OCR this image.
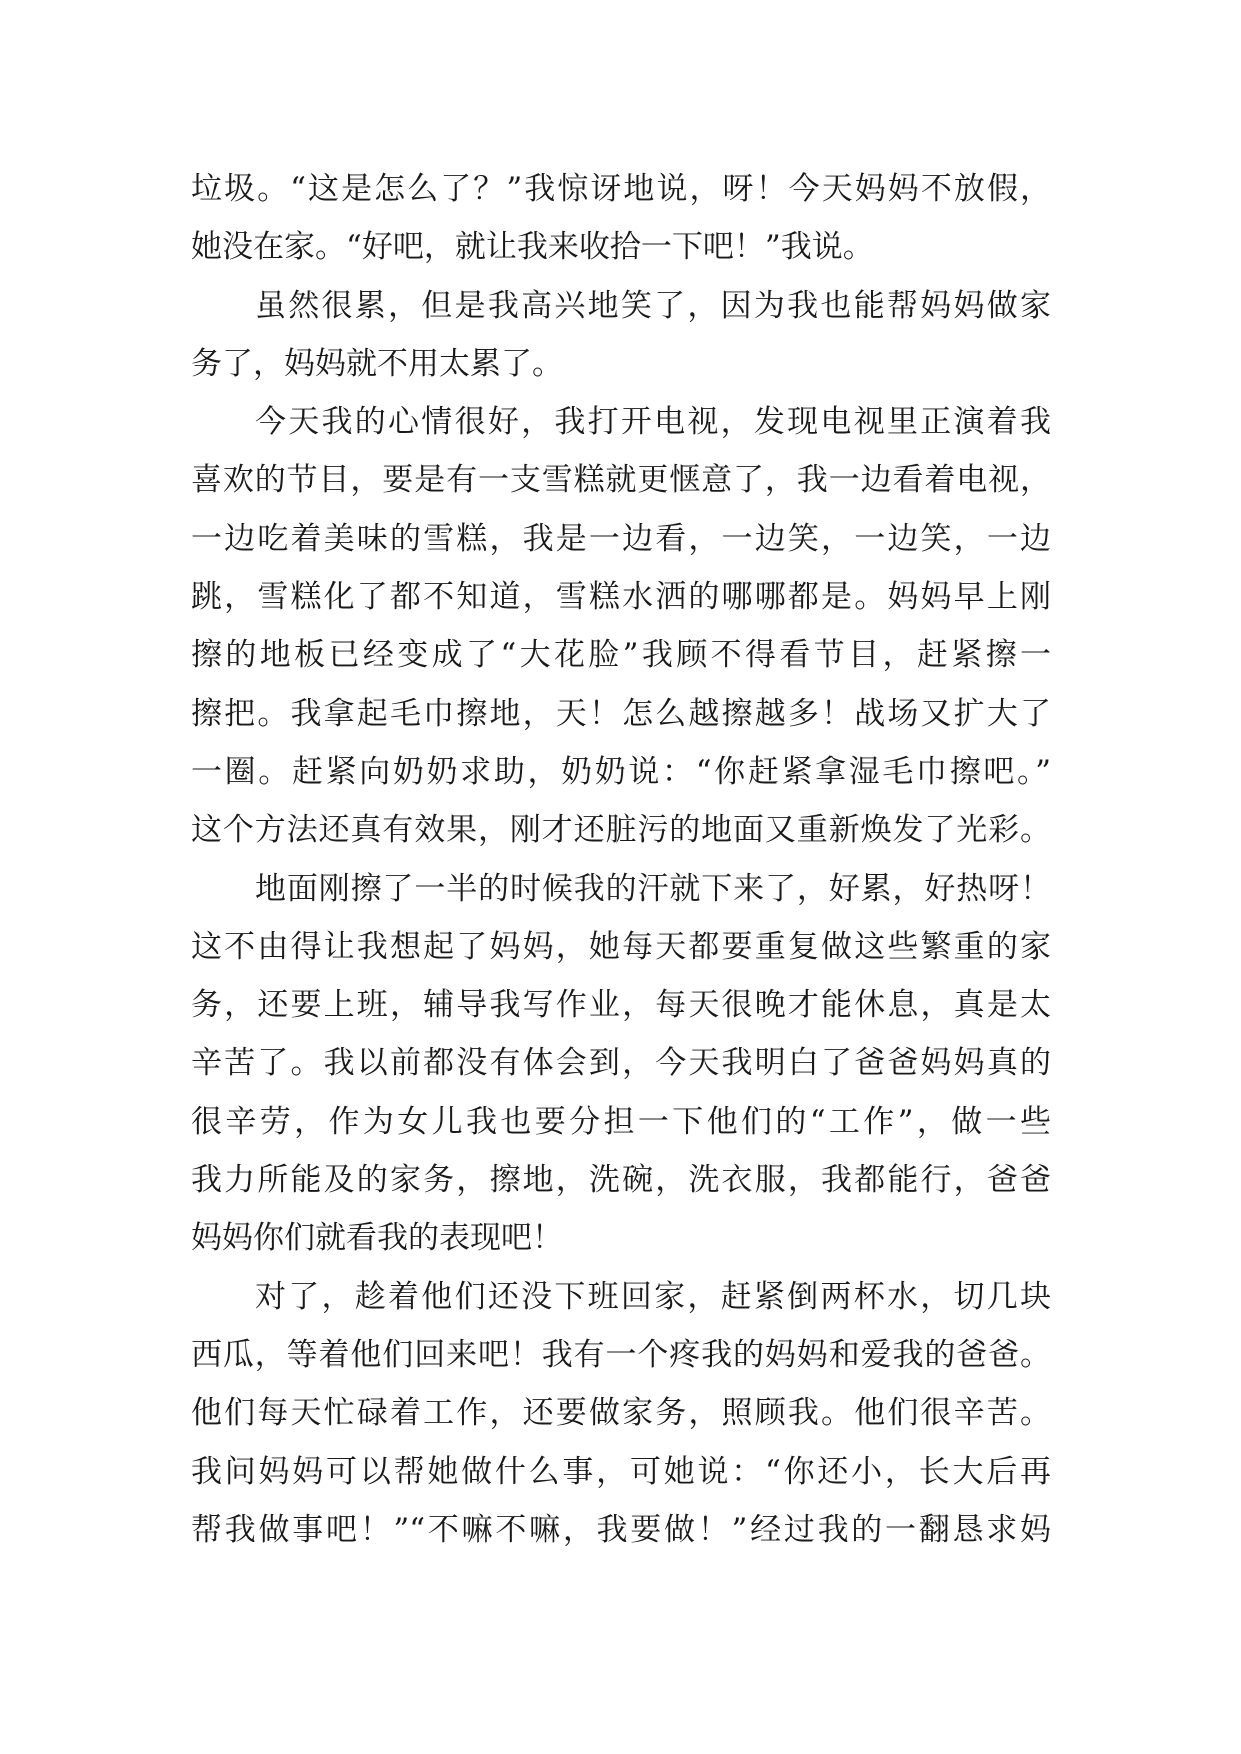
垃圾。“这是怎么了？”我惊讶地说，呀！今天妈妈不放假，
她没在家。“好吧，就让我来收拾一下吧！”我说。
虽然很累，但是我高兴地笑了，因为我也能帮妈妈做家
务了，妈妈就不用太累了。
今天我的心情很好，我打开电视，发现电视里正演着我
喜欢的节目，要是有一支雪糕就更惬意了，我一边看着电视，
一边吃着美味的雪糕，我是一边看，一边笑，一边笑，一边
跳，雪糕化了都不知道，雪糕水洒的哪哪都是。妈妈早上刚
擦的地板已经变成了“大花脸”我顾不得看节目，赶紧擦一
擦把。我拿起毛巾擦地，天！怎么越擦越多！战场又扩大了
一圈。赶紧向奶奶求助，奶奶说：“你赶紧拿湿毛巾擦吧。”
这个方法还真有效果，刚才还脏污的地面又重新焕发了光彩。
地面刚擦了一半的时候我的汗就下来了，好累，好热呀！
这不由得让我想起了妈妈，她每天都要重复做这些繁重的家
务，还要上班，辅导我写作业，每天很晚才能休息，真是太
辛苦了。我以前都没有体会到，今天我明白了爸爸妈妈真的
很辛劳，作为女儿我也要分担一下他们的“工作”，做一些
我力所能及的家务，擦地，洗碗，洗衣服，我都能行，爸爸
妈妈你们就看我的表现吧！
对了，趁着他们还没下班回家，赶紧倒两杯水，切几块
西瓜，等着他们回来吧！我有一个疼我的妈妈和爱我的爸爸。
他们每天忙碌着工作，还要做家务，照顾我。他们很辛苦。
我问妈妈可以帮她做什么事，可她说：“你还小，长大后再
帮我做事吧！”“不嘛不嘛，我要做！”经过我的一翻恳求妈
